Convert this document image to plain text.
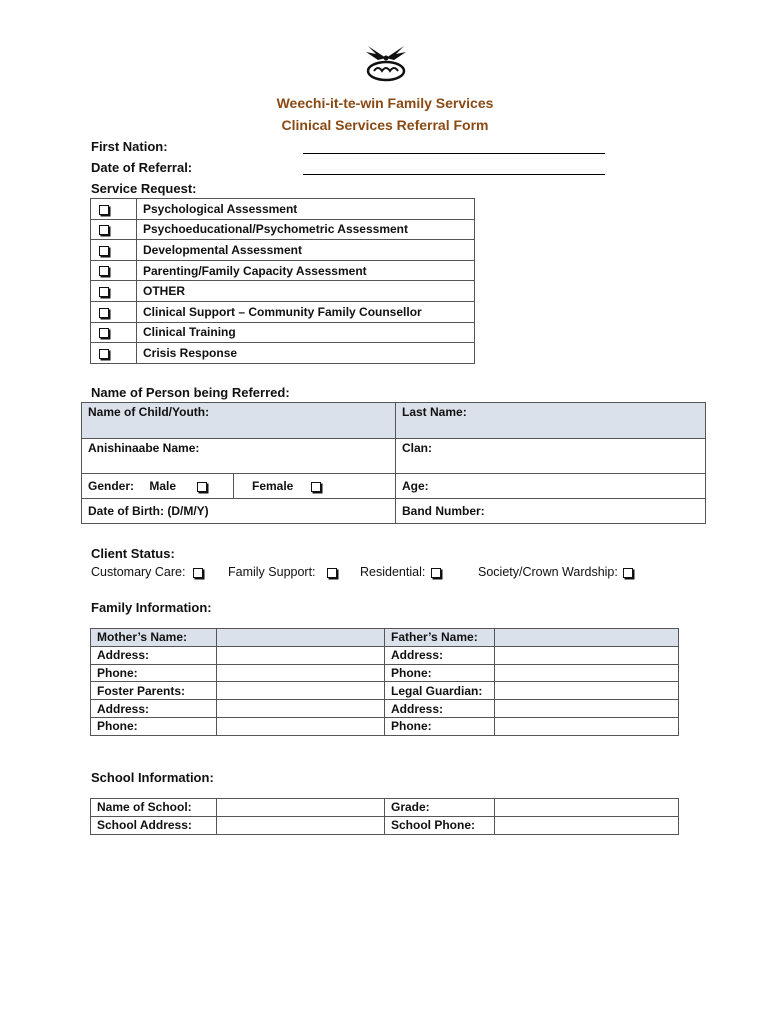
Weechi-it-te-win Family Services
Clinical Services Referral Form
First Nation:
Date of Referral:
Service Request:
	Psychological Assessment
	Psychoeducational/Psychometric Assessment
	Developmental Assessment
	Parenting/Family Capacity Assessment
	OTHER
	Clinical Support – Community Family Counsellor
	Clinical Training
	Crisis Response
Name of Person being Referred:
Name of Child/Youth:		Last Name:
Anishinaabe Name:		Clan:
Gender: Male	Female	Age:
Date of Birth: (D/M/Y)		Band Number:
Client Status:
Customary Care:	Family Support:	Residential:	Society/Crown Wardship:
Family Information:
Mother’s Name:		Father’s Name:	
Address:		Address:	
Phone:		Phone:	
Foster Parents:		Legal Guardian:	
Address:		Address:	
Phone:		Phone:	
School Information:
Name of School:		Grade:	
School Address:		School Phone:	
